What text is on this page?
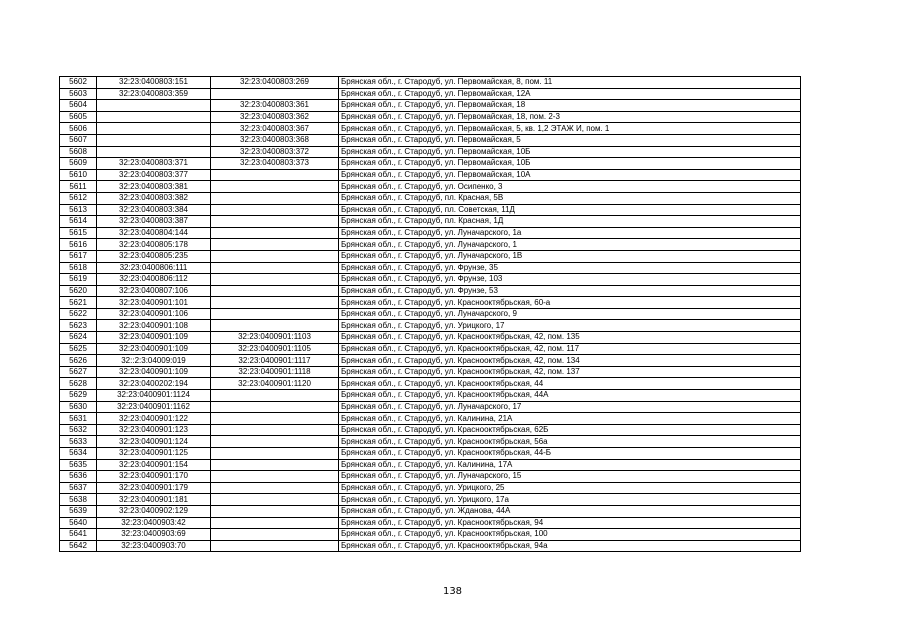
5602	32:23:0400803:151	32:23:0400803:269	Брянская обл., г. Стародуб, ул. Первомайская, 8, пом. 11
5603	32:23:0400803:359		Брянская обл., г. Стародуб, ул. Первомайская, 12А
5604		32:23:0400803:361	Брянская обл., г. Стародуб, ул. Первомайская, 18
5605		32:23:0400803:362	Брянская обл., г. Стародуб, ул. Первомайская, 18, пом. 2-3
5606		32:23:0400803:367	Брянская обл., г. Стародуб, ул. Первомайская, 5, кв. 1,2 ЭТАЖ И, пом. 1
5607		32:23:0400803:368	Брянская обл., г. Стародуб, ул. Первомайская, 5
5608		32:23:0400803:372	Брянская обл., г. Стародуб, ул. Первомайская, 10Б
5609	32:23:0400803:371	32:23:0400803:373	Брянская обл., г. Стародуб, ул. Первомайская, 10Б
5610	32:23:0400803:377		Брянская обл., г. Стародуб, ул. Первомайская, 10А
5611	32:23:0400803:381		Брянская обл., г. Стародуб, ул. Осипенко, 3
5612	32:23:0400803:382		Брянская обл., г. Стародуб, пл. Красная, 5В
5613	32:23:0400803:384		Брянская обл., г. Стародуб, пл. Советская, 11Д
5614	32:23:0400803:387		Брянская обл., г. Стародуб, пл. Красная, 1Д
5615	32:23:0400804:144		Брянская обл., г. Стародуб, ул. Луначарского, 1а
5616	32:23:0400805:178		Брянская обл., г. Стародуб, ул. Луначарского, 1
5617	32:23:0400805:235		Брянская обл., г. Стародуб, ул. Луначарского, 1В
5618	32:23:0400806:111		Брянская обл., г. Стародуб, ул. Фрунзе, 35
5619	32:23:0400806:112		Брянская обл., г. Стародуб, ул. Фрунзе, 103
5620	32:23:0400807:106		Брянская обл., г. Стародуб, ул. Фрунзе, 53
5621	32:23:0400901:101		Брянская обл., г. Стародуб, ул. Краснооктябрьская, 60-а
5622	32:23:0400901:106		Брянская обл., г. Стародуб, ул. Луначарского, 9
5623	32:23:0400901:108		Брянская обл., г. Стародуб, ул. Урицкого, 17
5624	32:23:0400901:109	32:23:0400901:1103	Брянская обл., г. Стародуб, ул. Краснооктябрьская, 42, пом. 135
5625	32:23:0400901:109	32:23:0400901:1105	Брянская обл., г. Стародуб, ул. Краснооктябрьская, 42, пом. 117
5626	32::2:3:04009:019	32:23:0400901:1117	Брянская обл., г. Стародуб, ул. Краснооктябрьская, 42, пом. 134
5627	32:23:0400901:109	32:23:0400901:1118	Брянская обл., г. Стародуб, ул. Краснооктябрьская, 42, пом. 137
5628	32:23:0400202:194	32:23:0400901:1120	Брянская обл., г. Стародуб, ул. Краснооктябрьская, 44
5629	32:23:0400901:1124		Брянская обл., г. Стародуб, ул. Краснооктябрьская, 44А
5630	32:23:0400901:1162		Брянская обл., г. Стародуб, ул. Луначарского, 17
5631	32:23:0400901:122		Брянская обл., г. Стародуб, ул. Калинина, 21А
5632	32:23:0400901:123		Брянская обл., г. Стародуб, ул. Краснооктябрьская, 62Б
5633	32:23:0400901:124		Брянская обл., г. Стародуб, ул. Краснооктябрьская, 56а
5634	32:23:0400901:125		Брянская обл., г. Стародуб, ул. Краснооктябрьская, 44-Б
5635	32:23:0400901:154		Брянская обл., г. Стародуб, ул. Калинина, 17А
5636	32:23:0400901:170		Брянская обл., г. Стародуб, ул. Луначарского, 15
5637	32:23:0400901:179		Брянская обл., г. Стародуб, ул. Урицкого, 25
5638	32:23:0400901:181		Брянская обл., г. Стародуб, ул. Урицкого, 17а
5639	32:23:0400902:129		Брянская обл., г. Стародуб, ул. Жданова, 44А
5640	32:23:0400903:42		Брянская обл., г. Стародуб, ул. Краснооктябрьская, 94
5641	32:23:0400903:69		Брянская обл., г. Стародуб, ул. Краснооктябрьская, 100
5642	32:23:0400903:70		Брянская обл., г. Стародуб, ул. Краснооктябрьская, 94а
138
